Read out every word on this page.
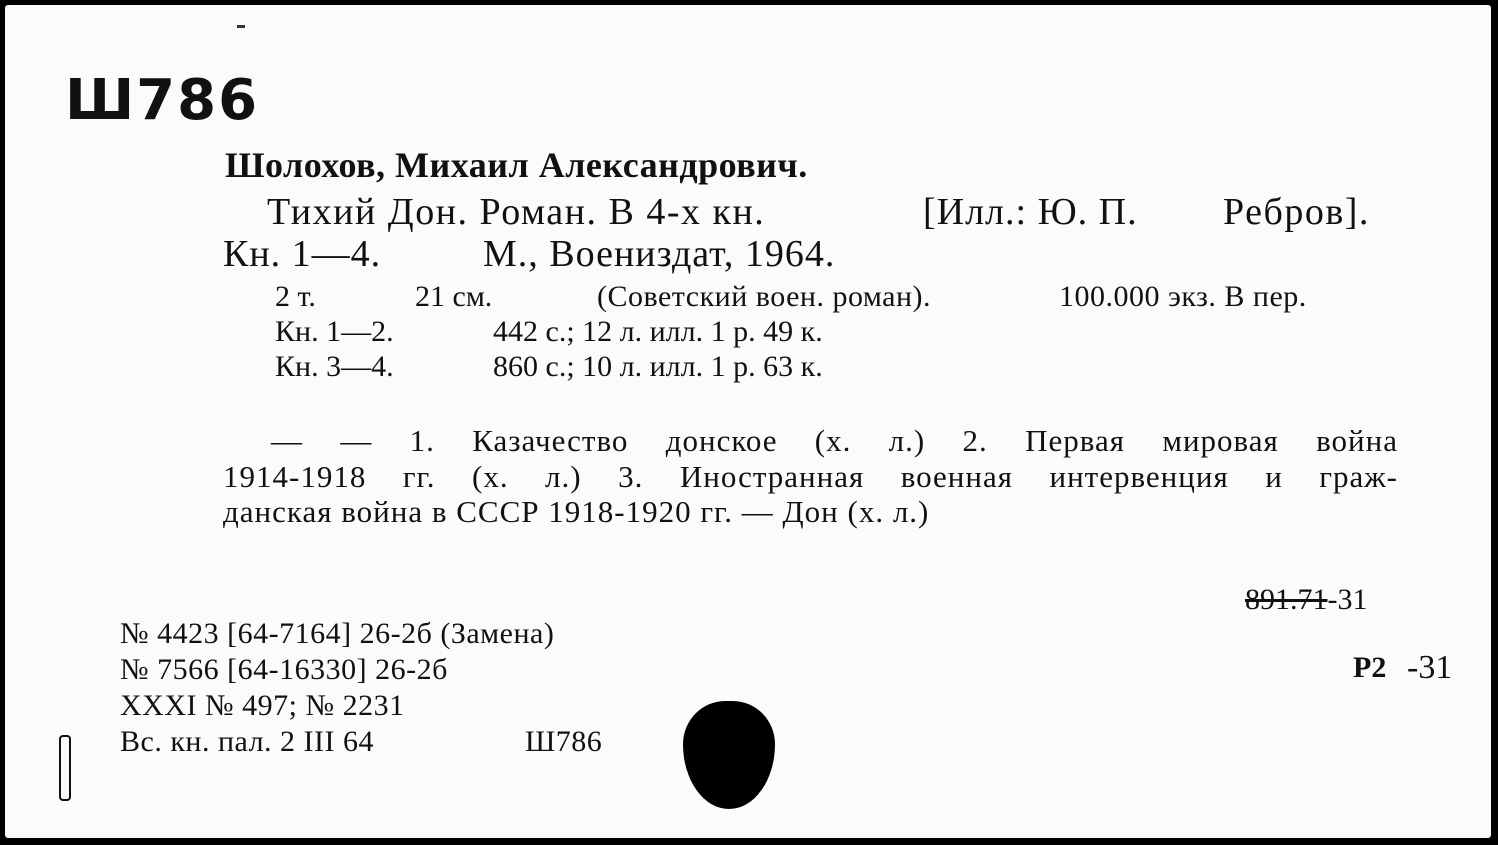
Ш786
Шолохов, Михаил Александрович.
Тихий Дон. Роман. В 4-х кн.	[Илл.: Ю. П. Ребров].
Кн. 1—4.	М., Воениздат, 1964.
2 т.	21 см.	(Советский воен. роман).	100.000 экз. В пер.
Кн. 1—2.	442 с.; 12 л. илл. 1 р. 49 к.
Кн. 3—4.	860 с.; 10 л. илл. 1 р. 63 к.
— — 1. Казачество донское (х. л.) 2. Первая мировая война
1914-1918 гг. (х. л.) 3. Иностранная военная интервенция и граж-
данская война в СССР 1918-1920 гг. — Дон (х. л.)
891.71-31
Р2 -31
№ 4423 [64-7164] 26-2б (Замена)
№ 7566 [64-16330] 26-2б
XXXI № 497; № 2231
Вс. кн. пал. 2 III 64	Ш786
